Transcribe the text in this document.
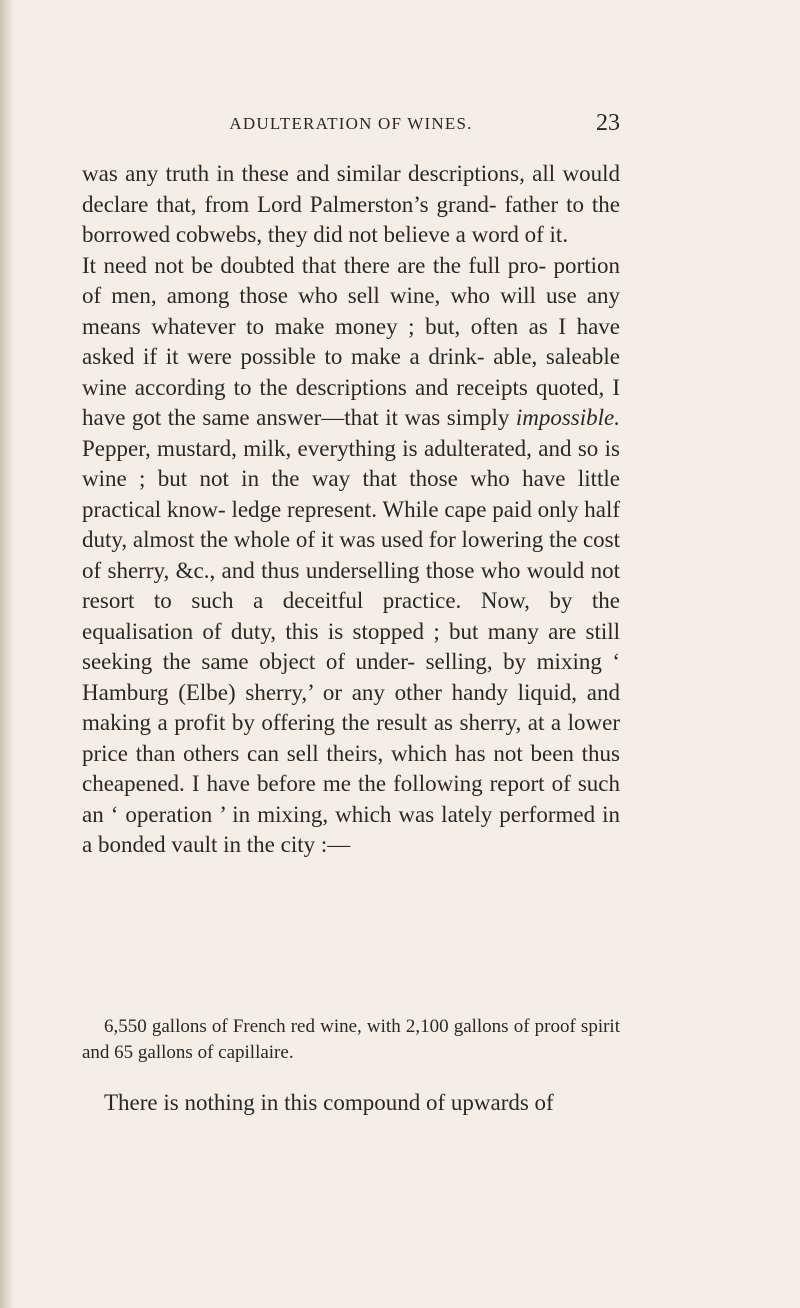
ADULTERATION OF WINES.	23

was any truth in these and similar descriptions, all would declare that, from Lord Palmerston’s grand- father to the borrowed cobwebs, they did not believe a word of it.

It need not be doubted that there are the full pro- portion of men, among those who sell wine, who will use any means whatever to make money ; but, often as I have asked if it were possible to make a drink- able, saleable wine according to the descriptions and receipts quoted, I have got the same answer—that it was simply impossible. Pepper, mustard, milk, everything is adulterated, and so is wine ; but not in the way that those who have little practical know- ledge represent. While cape paid only half duty, almost the whole of it was used for lowering the cost of sherry, &c., and thus underselling those who would not resort to such a deceitful practice. Now, by the equalisation of duty, this is stopped ; but many are still seeking the same object of under- selling, by mixing ‘ Hamburg (Elbe) sherry,’ or any other handy liquid, and making a profit by offering the result as sherry, at a lower price than others can sell theirs, which has not been thus cheapened. I have before me the following report of such an ‘ operation ’ in mixing, which was lately performed in a bonded vault in the city :—

6,550 gallons of French red wine, with 2,100 gallons of proof spirit and 65 gallons of capillaire.
There is nothing in this compound of upwards of
